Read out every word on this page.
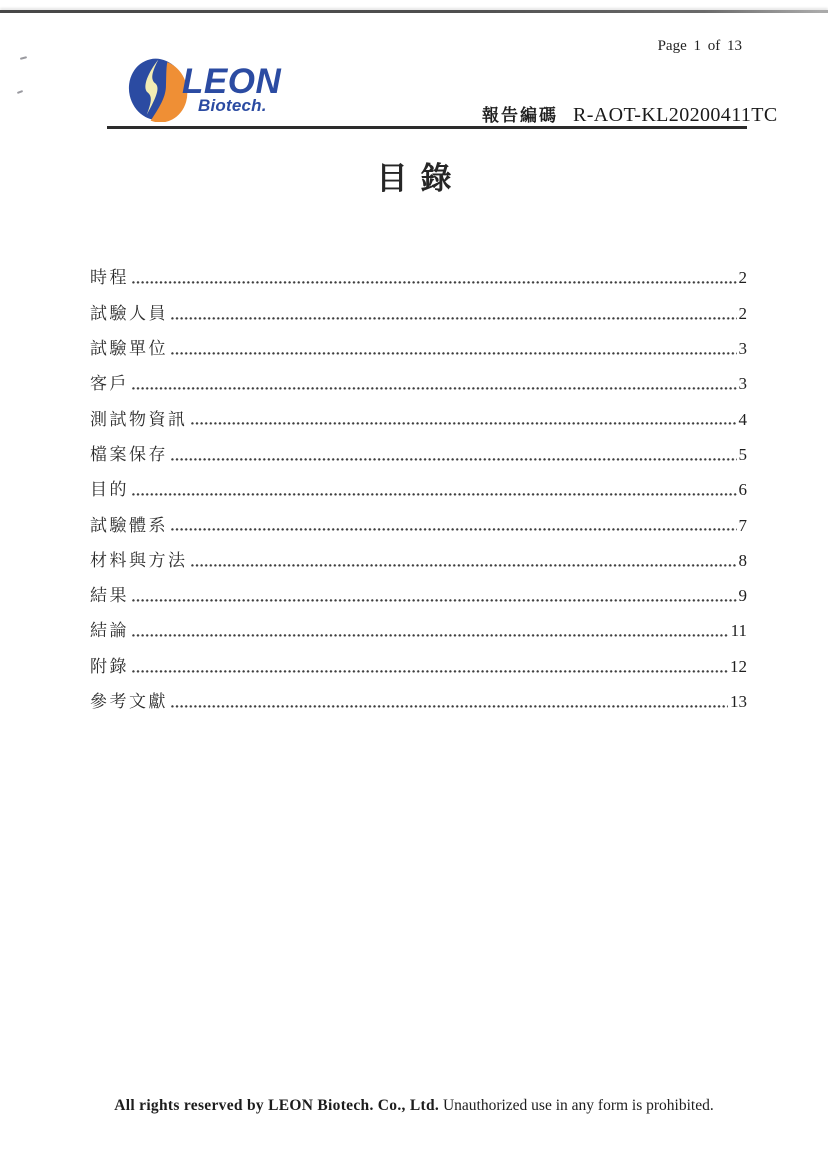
Page 1 of 13
LEON
Biotech.
報告編碼 R-AOT-KL20200411TC
目錄
時程	2
試驗人員	2
試驗單位	3
客戶	3
測試物資訊	4
檔案保存	5
目的	6
試驗體系	7
材料與方法	8
結果	9
結論	11
附錄	12
參考文獻	13
All rights reserved by LEON Biotech. Co., Ltd. Unauthorized use in any form is prohibited.
